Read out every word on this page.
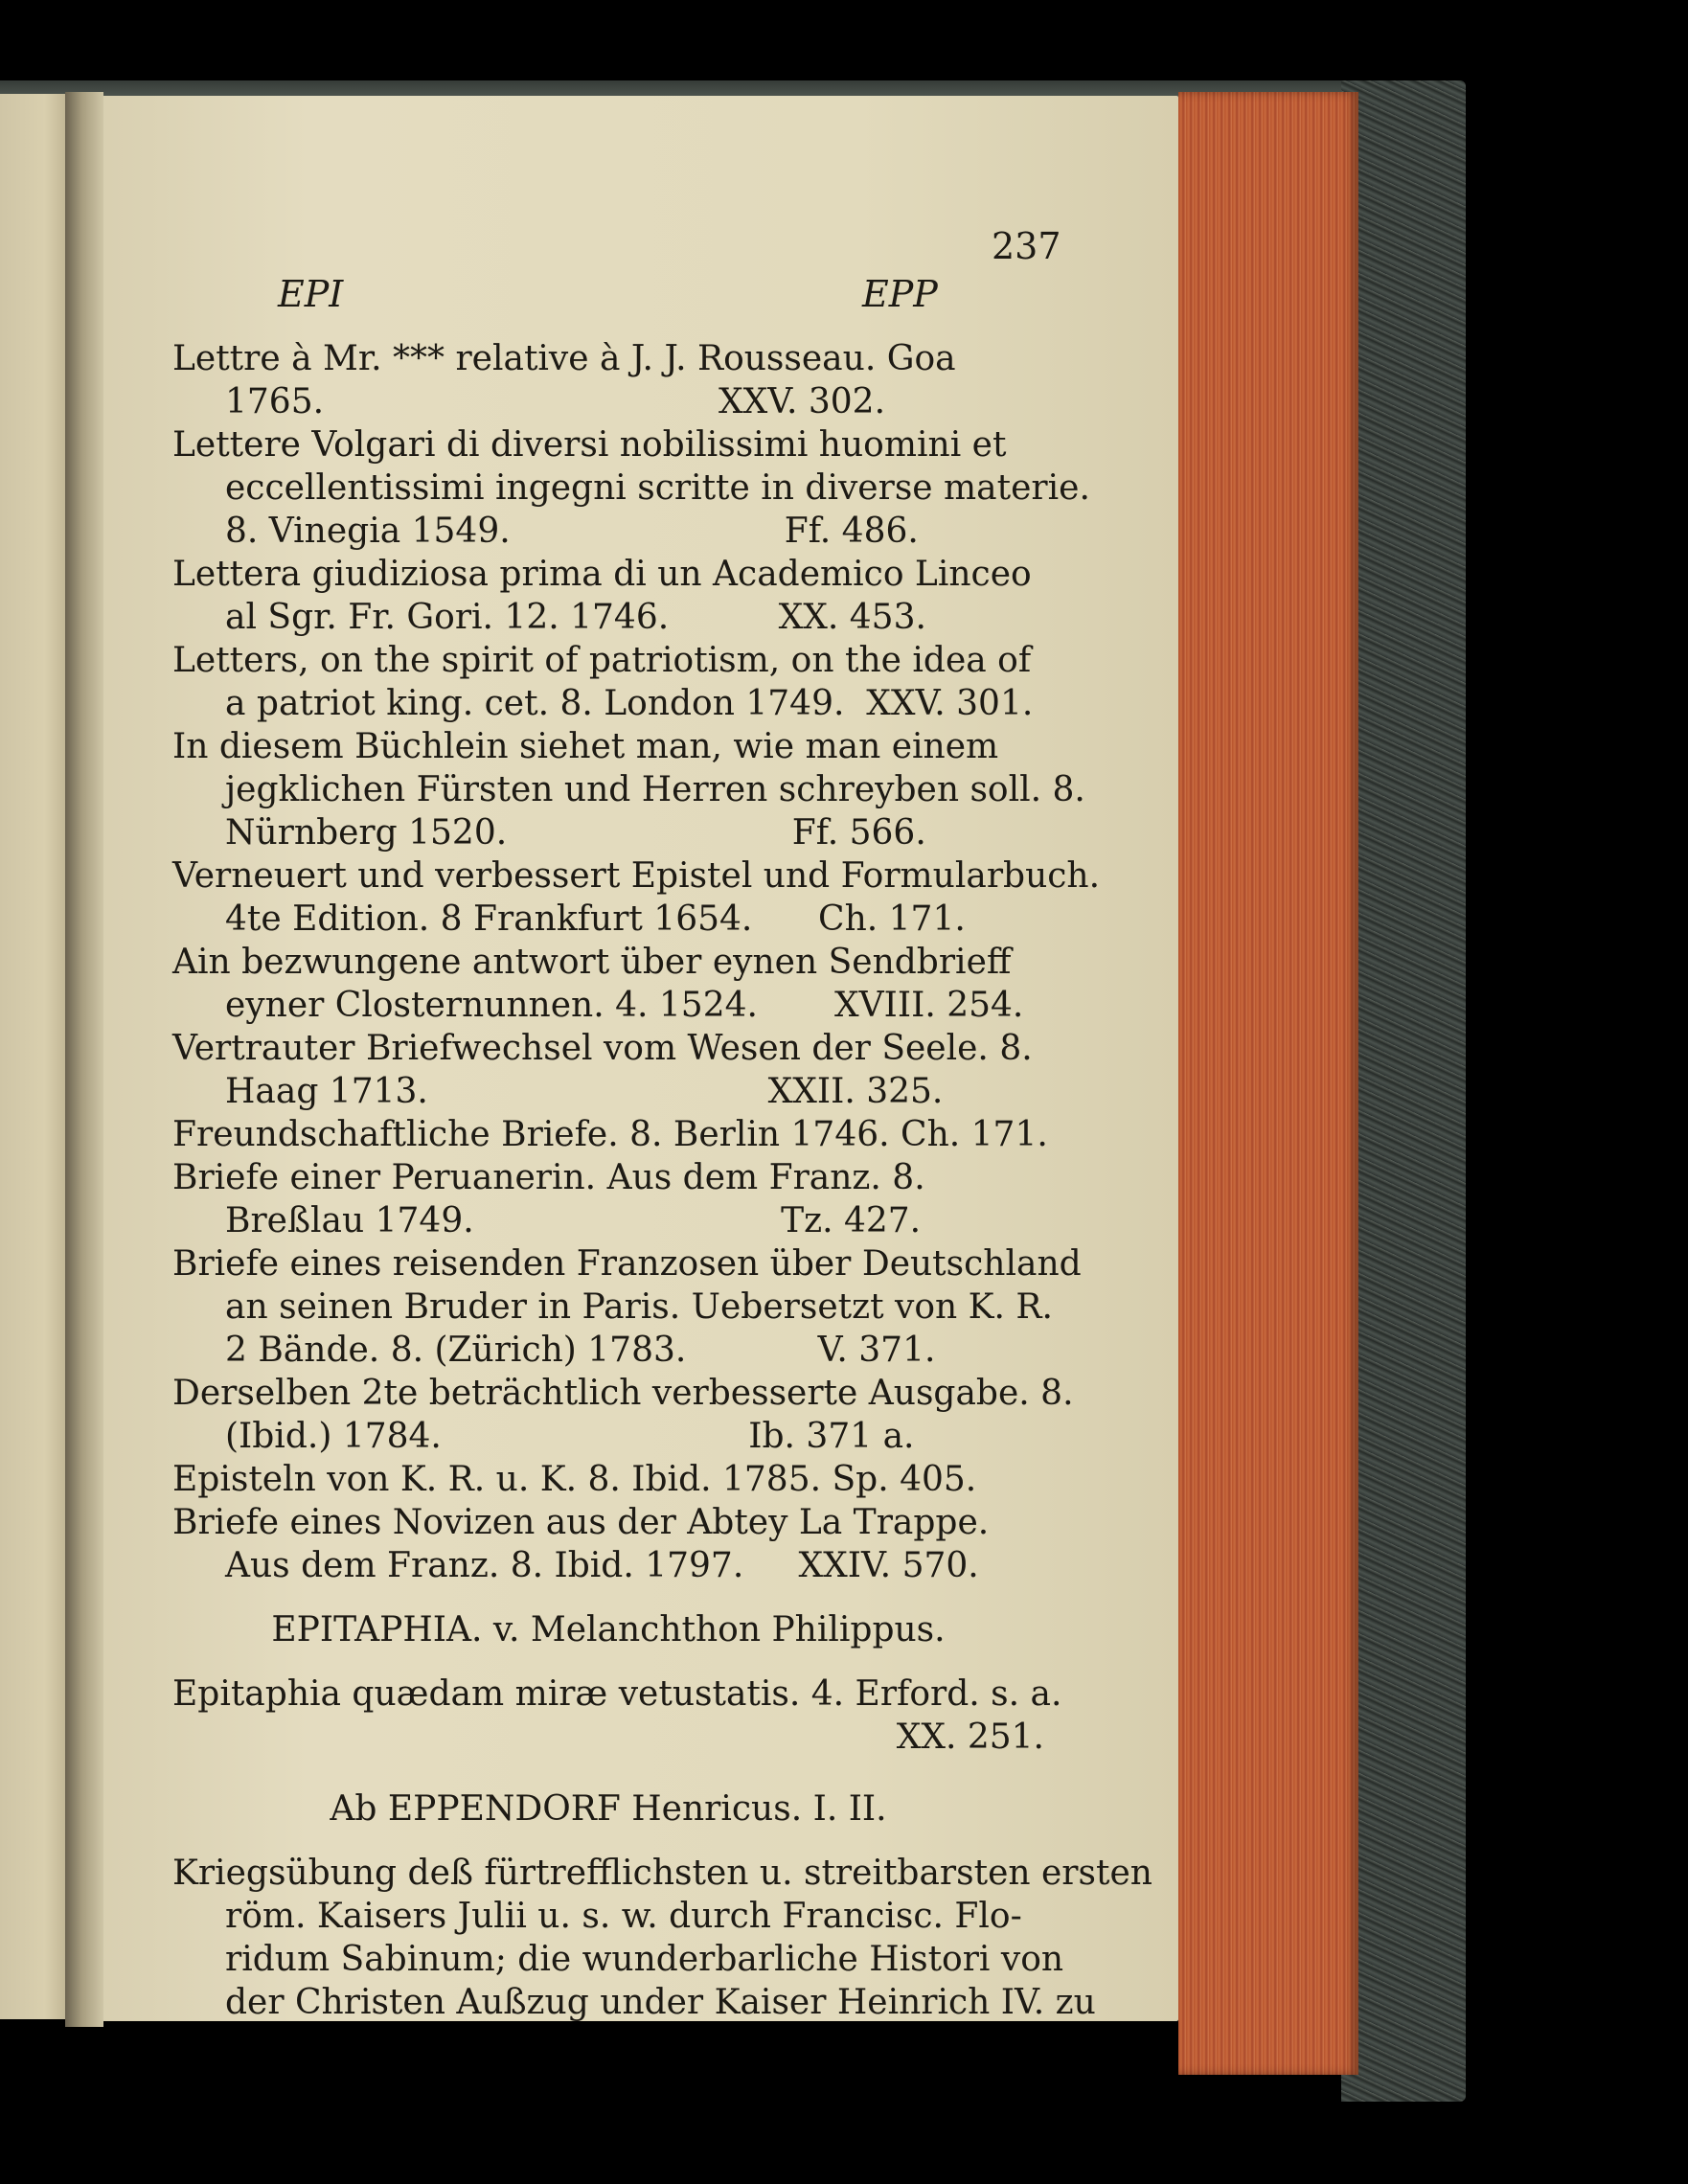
237
EPI	EPP
Lettre à Mr. *** relative à J. J. Rousseau. Goa
1765.                                    XXV. 302.
Lettere Volgari di diversi nobilissimi huomini et
eccellentissimi ingegni scritte in diverse materie.
8. Vinegia 1549.                         Ff. 486.
Lettera giudiziosa prima di un Academico Linceo
al Sgr. Fr. Gori. 12. 1746.          XX. 453.
Letters, on the spirit of patriotism, on the idea of
a patriot king. cet. 8. London 1749.  XXV. 301.
In diesem Büchlein siehet man, wie man einem
jegklichen Fürsten und Herren schreyben soll. 8.
Nürnberg 1520.                          Ff. 566.
Verneuert und verbessert Epistel und Formularbuch.
4te Edition. 8 Frankfurt 1654.      Ch. 171.
Ain bezwungene antwort über eynen Sendbrieff
eyner Closternunnen. 4. 1524.       XVIII. 254.
Vertrauter Briefwechsel vom Wesen der Seele. 8.
Haag 1713.                               XXII. 325.
Freundschaftliche Briefe. 8. Berlin 1746. Ch. 171.
Briefe einer Peruanerin. Aus dem Franz. 8.
Breßlau 1749.                            Tz. 427.
Briefe eines reisenden Franzosen über Deutschland
an seinen Bruder in Paris. Uebersetzt von K. R.
2 Bände. 8. (Zürich) 1783.            V. 371.
Derselben 2te beträchtlich verbesserte Ausgabe. 8.
(Ibid.) 1784.                            Ib. 371 a.
Episteln von K. R. u. K. 8. Ibid. 1785. Sp. 405.
Briefe eines Novizen aus der Abtey La Trappe.
Aus dem Franz. 8. Ibid. 1797.     XXIV. 570.
EPITAPHIA. v. Melanchthon Philippus.
Epitaphia quædam miræ vetustatis. 4. Erford. s. a.
XX. 251.
Ab EPPENDORF Henricus. I. II.
Kriegsübung deß fürtrefflichsten u. streitbarsten ersten
röm. Kaisers Julii u. s. w. durch Francisc. Flo-
ridum Sabinum; die wunderbarliche Histori von
der Christen Außzug under Kaiser Heinrich IV. zu
